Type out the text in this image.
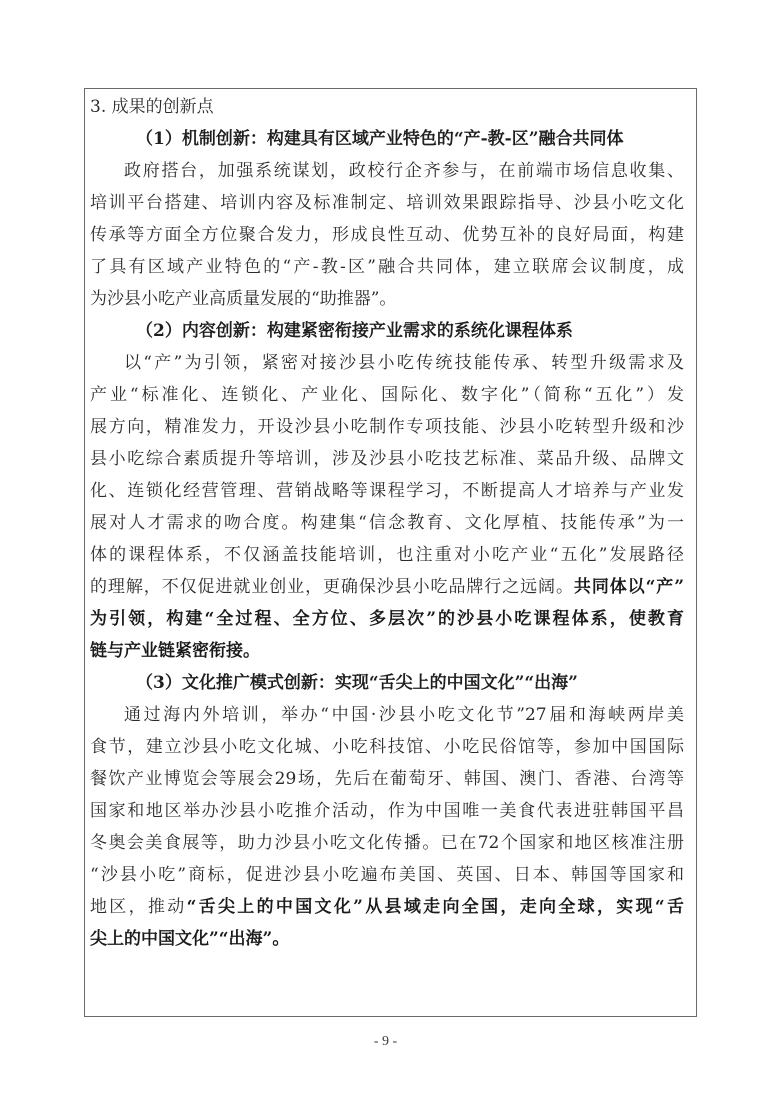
3. 成果的创新点
（1）机制创新：构建具有区域产业特色的“产-教-区”融合共同体
政府搭台，加强系统谋划，政校行企齐参与，在前端市场信息收集、
培训平台搭建、培训内容及标准制定、培训效果跟踪指导、沙县小吃文化
传承等方面全方位聚合发力，形成良性互动、优势互补的良好局面，构建
了具有区域产业特色的“产-教-区”融合共同体，建立联席会议制度，成
为沙县小吃产业高质量发展的“助推器”。
（2）内容创新：构建紧密衔接产业需求的系统化课程体系
以“产”为引领，紧密对接沙县小吃传统技能传承、转型升级需求及
产业“标准化、连锁化、产业化、国际化、数字化”（简称“五化”）发
展方向，精准发力，开设沙县小吃制作专项技能、沙县小吃转型升级和沙
县小吃综合素质提升等培训，涉及沙县小吃技艺标准、菜品升级、品牌文
化、连锁化经营管理、营销战略等课程学习，不断提高人才培养与产业发
展对人才需求的吻合度。构建集“信念教育、文化厚植、技能传承”为一
体的课程体系，不仅涵盖技能培训，也注重对小吃产业“五化”发展路径
的理解，不仅促进就业创业，更确保沙县小吃品牌行之远阔。共同体以“产”
为引领，构建“全过程、全方位、多层次”的沙县小吃课程体系，使教育
链与产业链紧密衔接。
（3）文化推广模式创新：实现“舌尖上的中国文化”“出海”
通过海内外培训，举办“中国·沙县小吃文化节”27届和海峡两岸美
食节，建立沙县小吃文化城、小吃科技馆、小吃民俗馆等，参加中国国际
餐饮产业博览会等展会29场，先后在葡萄牙、韩国、澳门、香港、台湾等
国家和地区举办沙县小吃推介活动，作为中国唯一美食代表进驻韩国平昌
冬奥会美食展等，助力沙县小吃文化传播。已在72个国家和地区核准注册
“沙县小吃”商标，促进沙县小吃遍布美国、英国、日本、韩国等国家和
地区，推动“舌尖上的中国文化”从县域走向全国，走向全球，实现“舌
尖上的中国文化”“出海”。
- 9 -
